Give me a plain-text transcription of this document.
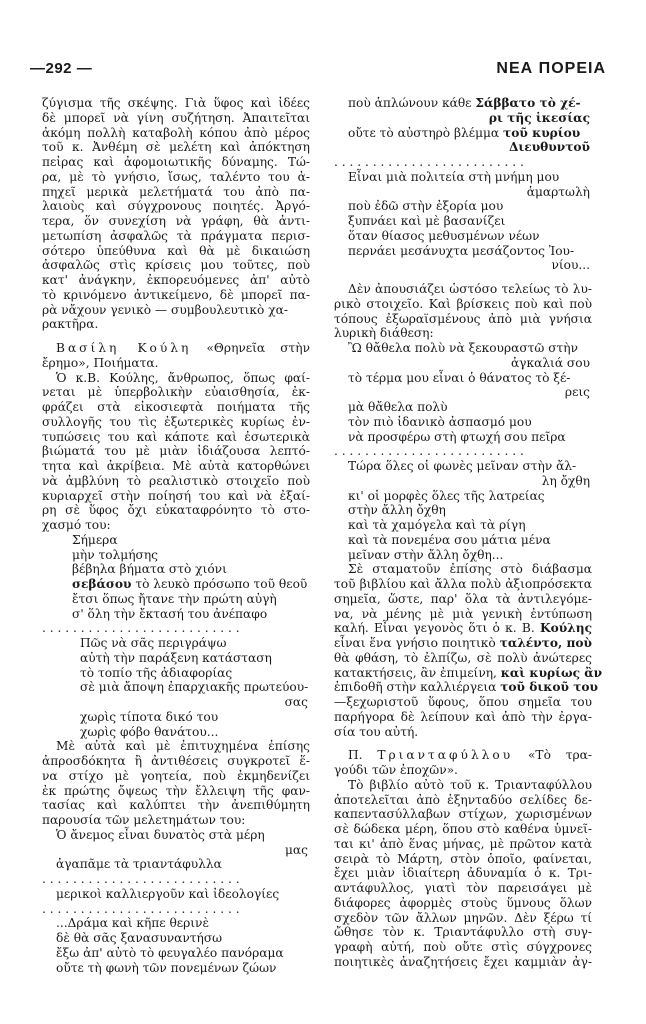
—292 —	ΝΕΑ ΠΟΡΕΙΑ
ζύγισμα τῆς σκέψης. Γιὰ ὕφος καὶ ἰδέες
δὲ μπορεῖ νὰ γίνη συζήτηση. Ἀπαιτεῖται
ἀκόμη πολλὴ καταβολὴ κόπου ἀπὸ μέρος
τοῦ κ. Ἀνθέμη σὲ μελέτη καὶ ἀπόκτηση
πεἰρας καὶ ἀφομοιωτικῆς δύναμης. Τώ-
ρα, μὲ τὸ γνήσιο, ἴσως, ταλέντο του ἀ-
πηχεῖ μερικὰ μελετήματά του ἀπὸ πα-
λαιοὺς καὶ σύγχρονους ποιητές. Ἀργό-
τερα, ὅν συνεχίση νὰ γράφη, θὰ ἀντι-
μετωπίση ἀσφαλῶς τὰ πράγματα περισ-
σότερο ὑπεύθυνα καὶ θὰ μὲ δικαιώση
ἀσφαλῶς στὶς κρίσεις μου τοῦτες, ποὺ
κατ' ἀνάγκην, ἐκπορευόμενες ἀπ' αὐτὸ
τὸ κρινόμενο ἀντικείμενο, δὲ μπορεῖ πα-
ρὰ νἄχουν γενικὸ — συμβουλευτικὸ χα-
ρακτῆρα.
Βασίλη Κούλη «Θρηνεῖα στὴν
ἔρημο», Ποιήματα.
Ὁ κ.Β. Κούλης, ἄνθρωπος, ὅπως φαί-
νεται μὲ ὑπερβολικὴν εὐαισθησία, ἐκ-
φράζει στὰ εἰκοσιεφτὰ ποιήματα τῆς
συλλογῆς του τὶς ἐξωτερικὲς κυρίως ἐν-
τυπώσεις του καὶ κάποτε καὶ ἐσωτερικὰ
βιώματά του μὲ μιὰν ἰδιάζουσα λεπτό-
τητα καὶ ἀκρίβεια. Μὲ αὐτὰ κατορθώνει
νὰ ἀμβλύνη τὸ ρεαλιστικὸ στοιχεῖο ποὺ
κυριαρχεῖ στὴν ποίησή του καὶ νὰ ἐξαί-
ρη σὲ ὕφος ὄχι εὐκαταφρόνητο τὸ στο-
χασμό του:
Σήμερα
μὴν τολμήσης
βέβηλα βήματα στὸ χιόνι
σεβάσου τὸ λευκὸ πρόσωπο τοῦ θεοῦ
ἔτσι ὅπως ἤτανε τὴν πρώτη αὐγὴ
σ' ὅλη τὴν ἔκτασή του ἀνέπαφο
. . . . . . . . . . . . . . . . . . . . . . . . . .
Πῶς νὰ σᾶς περιγράψω
αὐτὴ τὴν παράξενη κατάσταση
τὸ τοπίο τῆς ἀδιαφορίας
σὲ μιὰ ἄποψη ἐπαρχιακῆς πρωτεύου-
σας
χωρὶς τίποτα δικό του
χωρὶς φόβο θανάτου...
Μὲ αὐτὰ καὶ μὲ ἐπιτυχημένα ἐπίσης
ἀπροσδόκητα ἢ ἀντιθέσεις συγκροτεῖ ἕ-
να στίχο μὲ γοητεία, ποὺ ἐκμηδενίζει
ἐκ πρώτης ὄψεως τὴν ἔλλειψη τῆς φαν-
τασίας καὶ καλύπτει τὴν ἀνεπιθύμητη
παρουσία τῶν μελετημάτων του:
Ὁ ἄνεμος εἶναι δυνατὸς στὰ μέρη
μας
ἀγαπᾶμε τὰ τριαντάφυλλα
. . . . . . . . . . . . . . . . . . . . . . . . . .
μερικοὶ καλλιεργοῦν καὶ ἰδεολογίες
. . . . . . . . . . . . . . . . . . . . . . . . . .
...Δράμα καὶ κῆπε θερινὲ
δὲ θὰ σᾶς ξανασυναντήσω
ἔξω ἀπ' αὐτὸ τὸ φευγαλέο πανόραμα
οὔτε τὴ φωνὴ τῶν πονεμένων ζώων
ποὺ ἁπλώνουν κάθε Σάββατο τὸ χέ-
ρι τῆς ἱκεσίας
οὔτε τὸ αὐστηρὸ βλέμμα τοῦ κυρίου
Διευθυντοῦ
. . . . . . . . . . . . . . . . . . . . . . . . .
Εἶναι μιὰ πολιτεία στὴ μνήμη μου
ἁμαρτωλὴ
ποὺ ἐδῶ στὴν ἐξορία μου
ξυπνάει καὶ μὲ βασανίζει
ὅταν θίασος μεθυσμένων νέων
περνάει μεσάνυχτα μεσάζοντος Ἰου-
νίου...
Δὲν ἀπουσιάζει ὡστόσο τελείως τὸ λυ-
ρικὸ στοιχεῖο. Καὶ βρίσκεις ποὺ καὶ ποὺ
τόπους ἐξωραϊσμένους ἀπὸ μιὰ γνήσια
λυρικὴ διάθεση:
Ὢ θἄθελα πολὺ νὰ ξεκουραστῶ στὴν
ἀγκαλιά σου
τὸ τέρμα μου εἶναι ὁ θάνατος τὸ ξέ-
ρεις
μὰ θἄθελα πολὺ
τὸν πιὸ ἰδανικὸ ἀσπασμό μου
νὰ προσφέρω στὴ φτωχή σου πεῖρα
. . . . . . . . . . . . . . . . . . . . . . . . .
Τώρα ὅλες οἱ φωνὲς μεῖναν στὴν ἄλ-
λη ὄχθη
κι' οἱ μορφὲς ὅλες τῆς λατρείας
στὴν ἄλλη ὄχθη
καὶ τὰ χαμόγελα καὶ τὰ ρίγη
καὶ τὰ πονεμένα σου μάτια μένα
μεῖναν στὴν ἄλλη ὄχθη...
Σὲ σταματοῦν ἐπίσης στὸ διάβασμα
τοῦ βιβλίου καὶ ἄλλα πολὺ ἀξιοπρόσεκτα
σημεῖα, ὥστε, παρ' ὅλα τὰ ἀντιλεγόμε-
να, νὰ μένης μὲ μιὰ γενικὴ ἐντύπωση
καλή. Εἶναι γεγονὸς ὅτι ὁ κ. Β. Κούλης
εἶναι ἕνα γνήσιο ποιητικὸ ταλέντο, ποὺ
θὰ φθάση, τὸ ἐλπίζω, σὲ πολὺ ἀνώτερες
κατακτήσεις, ἂν ἐπιμείνη, καὶ κυρίως ἂν
ἐπιδοθῆ στὴν καλλιέργεια τοῦ δικοῦ του
—ξεχωριστοῦ ὕφους, ὅπου σημεῖα του
παρήγορα δὲ λείπουν καὶ ἀπὸ τὴν ἐργα-
σία του αὐτή.
Π. Τριανταφύλλου «Τὸ τρα-
γούδι τῶν ἐποχῶν».
Τὸ βιβλίο αὐτὸ τοῦ κ. Τριανταφύλλου
ἀποτελεῖται ἀπὸ ἑξηνταδύο σελίδες δε-
καπεντασύλλαβων στίχων, χωρισμένων
σὲ δώδεκα μέρη, ὅπου στὸ καθένα ὑμνεῖ-
ται κι' ἀπὸ ἕνας μήνας, μὲ πρῶτον κατὰ
σειρὰ τὸ Μάρτη, στὸν ὁποῖο, φαίνεται,
ἔχει μιὰν ἰδιαίτερη ἀδυναμία ὁ κ. Τρι-
αντάφυλλος, γιατὶ τὸν παρεισάγει μὲ
διάφορες ἀφορμὲς στοὺς ὕμνους ὅλων
σχεδὸν τῶν ἄλλων μηνῶν. Δὲν ξέρω τί
ὤθησε τὸν κ. Τριαντάφυλλο στὴ συγ-
γραφὴ αὐτή, ποὺ οὔτε στὶς σύγχρονες
ποιητικὲς ἀναζητήσεις ἔχει καμμιὰν ἀγ-
